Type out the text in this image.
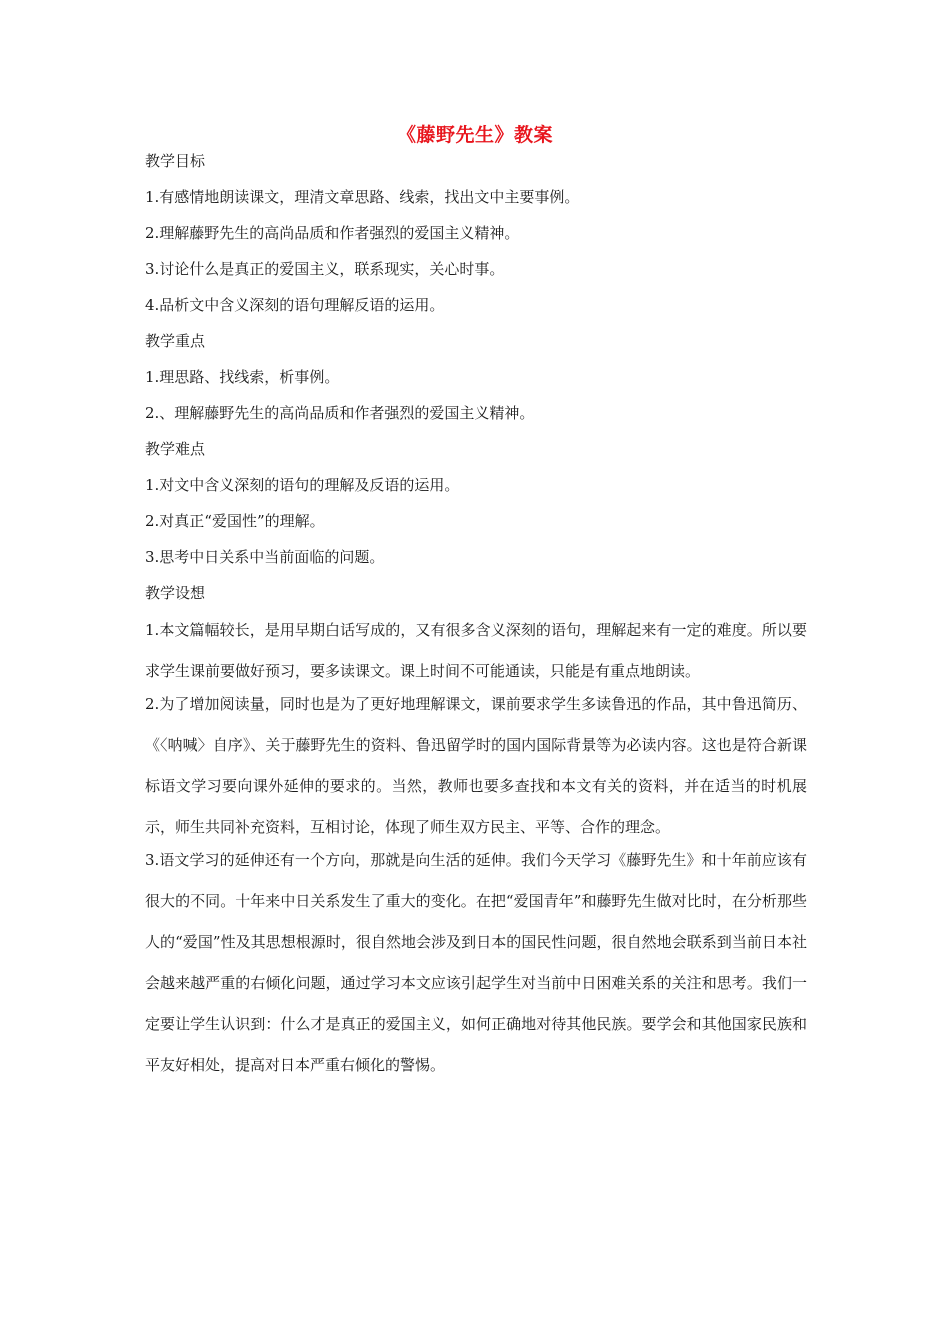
《藤野先生》教案
教学目标
1.有感情地朗读课文，理清文章思路、线索，找出文中主要事例。
2.理解藤野先生的高尚品质和作者强烈的爱国主义精神。
3.讨论什么是真正的爱国主义，联系现实，关心时事。
4.品析文中含义深刻的语句理解反语的运用。
教学重点
1.理思路、找线索，析事例。
2.、理解藤野先生的高尚品质和作者强烈的爱国主义精神。
教学难点
1.对文中含义深刻的语句的理解及反语的运用。
2.对真正“爱国性”的理解。
3.思考中日关系中当前面临的问题。
教学设想
1.本文篇幅较长，是用早期白话写成的，又有很多含义深刻的语句，理解起来有一定的难度。所以要求学生课前要做好预习，要多读课文。课上时间不可能通读，只能是有重点地朗读。
2.为了增加阅读量，同时也是为了更好地理解课文，课前要求学生多读鲁迅的作品，其中鲁迅简历、《〈呐喊〉自序》、关于藤野先生的资料、鲁迅留学时的国内国际背景等为必读内容。这也是符合新课标语文学习要向课外延伸的要求的。当然，教师也要多查找和本文有关的资料，并在适当的时机展示，师生共同补充资料，互相讨论，体现了师生双方民主、平等、合作的理念。
3.语文学习的延伸还有一个方向，那就是向生活的延伸。我们今天学习《藤野先生》和十年前应该有很大的不同。十年来中日关系发生了重大的变化。在把“爱国青年”和藤野先生做对比时，在分析那些人的“爱国”性及其思想根源时，很自然地会涉及到日本的国民性问题，很自然地会联系到当前日本社会越来越严重的右倾化问题，通过学习本文应该引起学生对当前中日困难关系的关注和思考。我们一定要让学生认识到：什么才是真正的爱国主义，如何正确地对待其他民族。要学会和其他国家民族和平友好相处，提高对日本严重右倾化的警惕。
